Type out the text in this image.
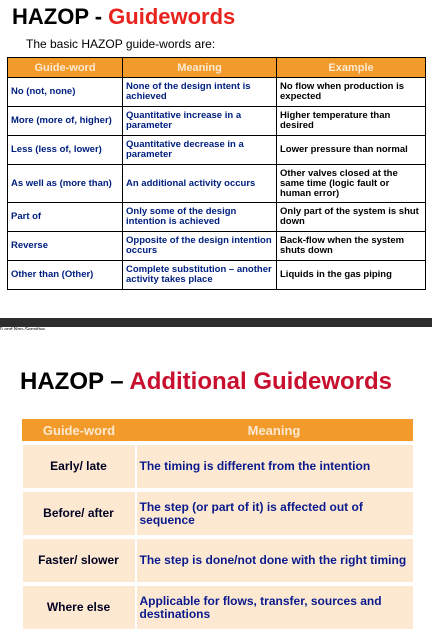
HAZOP - Guidewords
The basic HAZOP guide-words are:
Guide-word	Meaning	Example
No (not, none)	None of the design intent is achieved	No flow when production is expected
More (more of, higher)	Quantitative increase in a parameter	Higher temperature than desired
Less (less of, lower)	Quantitative decrease in a parameter	Lower pressure than normal
As well as (more than)	An additional activity occurs	Other valves closed at the same time (logic fault or human error)
Part of	Only some of the design intention is achieved	Only part of the system is shut down
Reverse	Opposite of the design intention occurs	Back-flow when the system shuts down
Other than (Other)	Complete substitution – another activity takes place	Liquids in the gas piping
HAZOP – Additional Guidewords
Guide-word	Meaning
Early/ late	The timing is different from the intention
Before/ after	The step (or part of it) is affected out of sequence
Faster/ slower	The step is done/not done with the right timing
Where else	Applicable for flows, transfer, sources and destinations
